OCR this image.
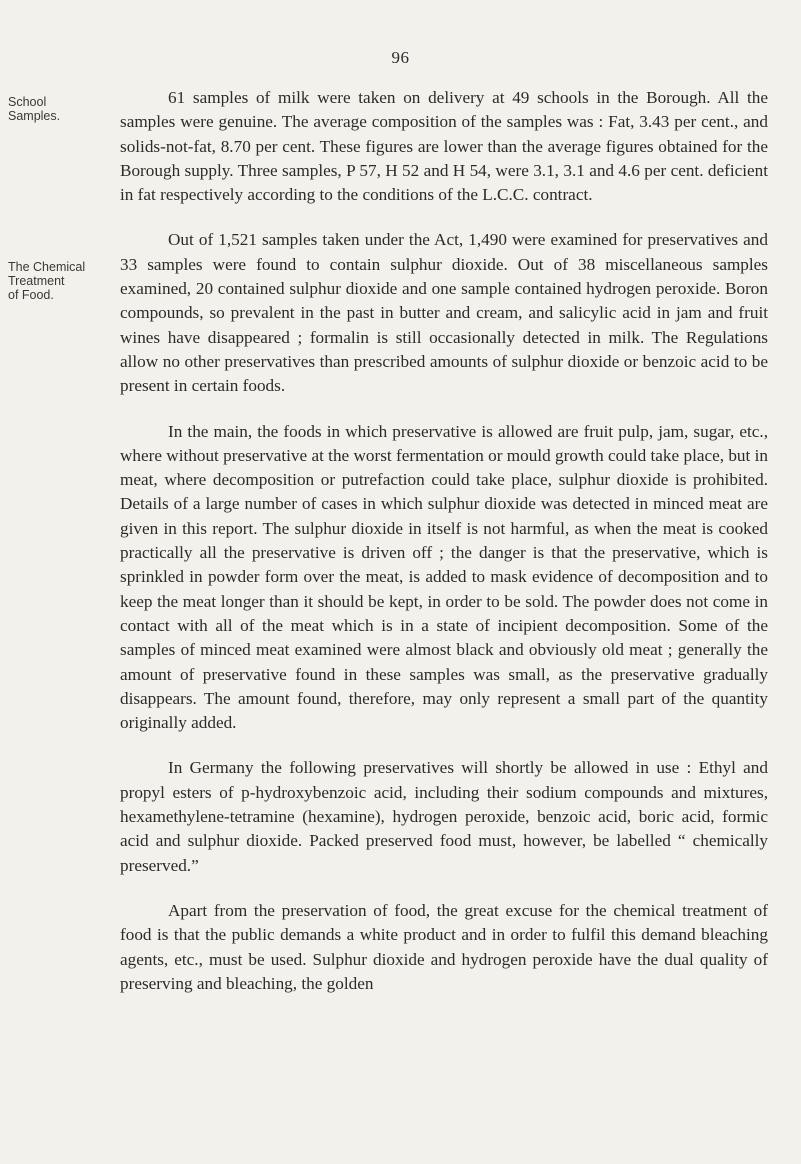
96
School
Samples.
The Chemical
Treatment
of Food.

61 samples of milk were taken on delivery at 49 schools in the Borough. All the samples were genuine. The average composition of the samples was : Fat, 3.43 per cent., and solids-not-fat, 8.70 per cent. These figures are lower than the average figures obtained for the Borough supply. Three samples, P 57, H 52 and H 54, were 3.1, 3.1 and 4.6 per cent. deficient in fat respectively according to the conditions of the L.C.C. contract.

Out of 1,521 samples taken under the Act, 1,490 were examined for preservatives and 33 samples were found to contain sulphur dioxide. Out of 38 miscellaneous samples examined, 20 contained sulphur dioxide and one sample contained hydrogen peroxide. Boron compounds, so prevalent in the past in butter and cream, and salicylic acid in jam and fruit wines have disappeared ; formalin is still occasionally detected in milk. The Regulations allow no other preservatives than prescribed amounts of sulphur dioxide or benzoic acid to be present in certain foods.

In the main, the foods in which preservative is allowed are fruit pulp, jam, sugar, etc., where without preservative at the worst fermentation or mould growth could take place, but in meat, where decomposition or putrefaction could take place, sulphur dioxide is prohibited. Details of a large number of cases in which sulphur dioxide was detected in minced meat are given in this report. The sulphur dioxide in itself is not harmful, as when the meat is cooked practically all the preservative is driven off ; the danger is that the preservative, which is sprinkled in powder form over the meat, is added to mask evidence of decomposition and to keep the meat longer than it should be kept, in order to be sold. The powder does not come in contact with all of the meat which is in a state of incipient decomposition. Some of the samples of minced meat examined were almost black and obviously old meat ; generally the amount of preservative found in these samples was small, as the preservative gradually disappears. The amount found, therefore, may only represent a small part of the quantity originally added.

In Germany the following preservatives will shortly be allowed in use : Ethyl and propyl esters of p-hydroxybenzoic acid, including their sodium compounds and mixtures, hexamethylene-tetramine (hexamine), hydrogen peroxide, benzoic acid, boric acid, formic acid and sulphur dioxide. Packed preserved food must, however, be labelled “ chemically preserved.”

Apart from the preservation of food, the great excuse for the chemical treatment of food is that the public demands a white product and in order to fulfil this demand bleaching agents, etc., must be used. Sulphur dioxide and hydrogen peroxide have the dual quality of preserving and bleaching, the golden
